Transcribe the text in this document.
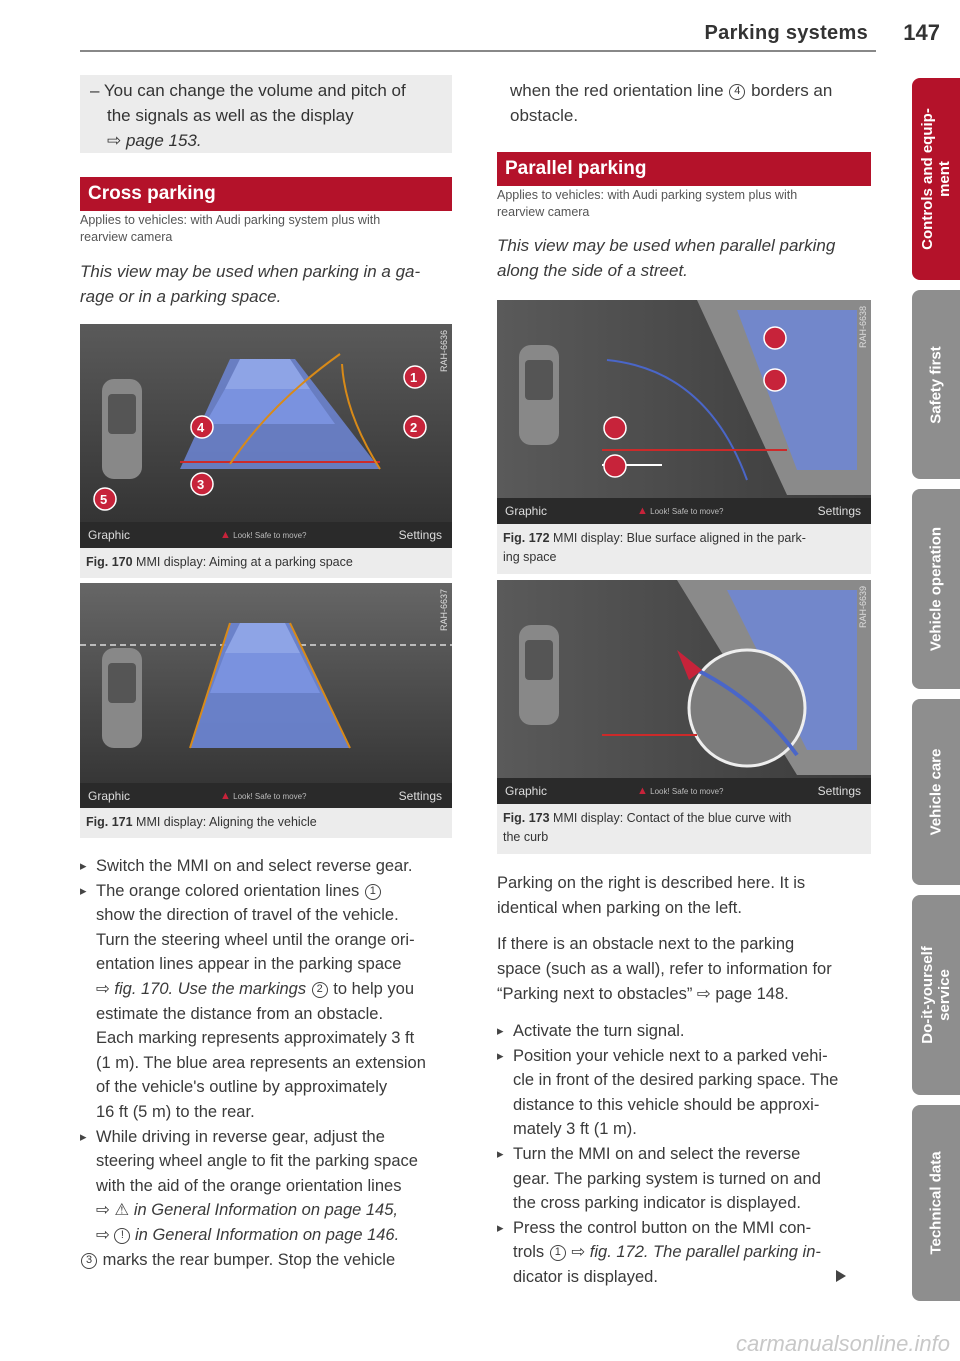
Parking systems	147
Controls and equip-
ment
Safety first
Vehicle operation
Vehicle care
Do-it-yourself
service
Technical data
– You can change the volume and pitch of
the signals as well as the display
⇨ page 153.
Cross parking
Applies to vehicles: with Audi parking system plus with
rearview camera
This view may be used when parking in a ga-
rage or in a parking space.
4
1
2
3
5
RAH-6636
Graphic	▲ Look! Safe to move?	Settings
Fig. 170 MMI display: Aiming at a parking space
RAH-6637
Graphic	▲ Look! Safe to move?	Settings
Fig. 171 MMI display: Aligning the vehicle
▸ Switch the MMI on and select reverse gear.
▸ The orange colored orientation lines 1
show the direction of travel of the vehicle.
Turn the steering wheel until the orange ori-
entation lines appear in the parking space
⇨ fig. 170. Use the markings 2 to help you
estimate the distance from an obstacle.
Each marking represents approximately 3 ft
(1 m). The blue area represents an extension
of the vehicle's outline by approximately
16 ft (5 m) to the rear.
▸ While driving in reverse gear, adjust the
steering wheel angle to fit the parking space
with the aid of the orange orientation lines
⇨ ⚠ in General Information on page 145,
⇨ ! in General Information on page 146.
3 marks the rear bumper. Stop the vehicle
when the red orientation line 4 borders an
obstacle.
Parallel parking
Applies to vehicles: with Audi parking system plus with
rearview camera
This view may be used when parallel parking
along the side of a street.
RAH-6638
Graphic	▲ Look! Safe to move?	Settings
Fig. 172 MMI display: Blue surface aligned in the park-
ing space
RAH-6639
Graphic	▲ Look! Safe to move?	Settings
Fig. 173 MMI display: Contact of the blue curve with
the curb
Parking on the right is described here. It is
identical when parking on the left.
If there is an obstacle next to the parking
space (such as a wall), refer to information for
“Parking next to obstacles” ⇨ page 148.
▸ Activate the turn signal.
▸ Position your vehicle next to a parked vehi-
cle in front of the desired parking space. The
distance to this vehicle should be approxi-
mately 3 ft (1 m).
▸ Turn the MMI on and select the reverse
gear. The parking system is turned on and
the cross parking indicator is displayed.
▸ Press the control button on the MMI con-
trols 1 ⇨ fig. 172. The parallel parking in-
dicator is displayed.
carmanualsonline.info
